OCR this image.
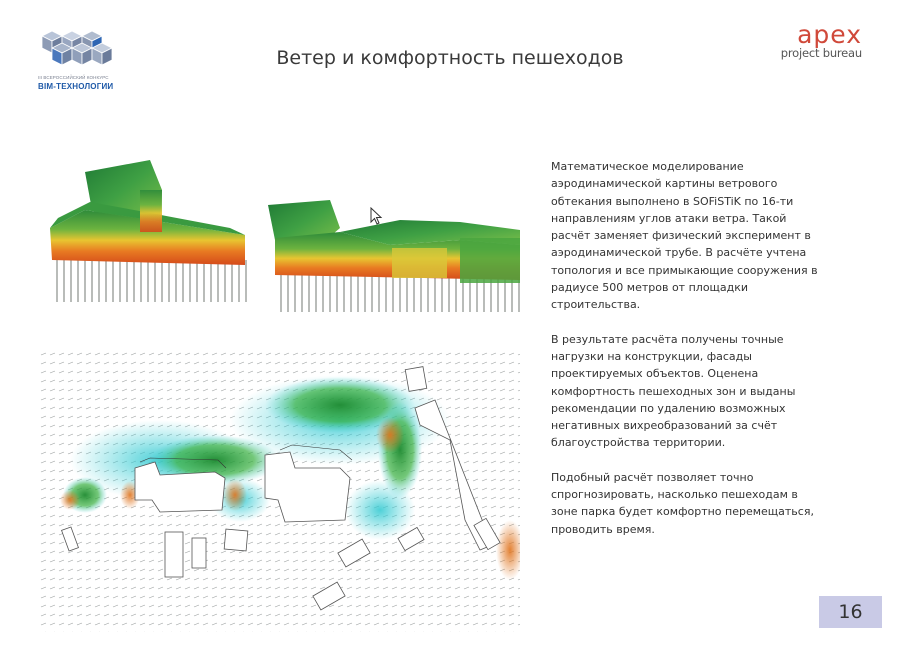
III ВСЕРОССИЙСКИЙ КОНКУРС
BIM-ТЕХНОЛОГИИ
Ветер и комфортность пешеходов
apex
project bureau

Математическое моделирование аэродинамической картины ветрового обтекания выполнено в SOFiSTiK по 16-ти направлениям углов атаки ветра. Такой расчёт заменяет физический эксперимент в аэродинамической трубе. В расчёте учтена топология и все примыкающие сооружения в радиусе 500 метров от площадки строительства.

В результате расчёта получены точные нагрузки на конструкции, фасады проектируемых объектов. Оценена комфортность пешеходных зон и выданы рекомендации по удалению возможных негативных вихреобразований за счёт благоустройства территории.

Подобный расчёт позволяет точно спрогнозировать, насколько пешеходам в зоне парка будет комфортно перемещаться, проводить время.

16
